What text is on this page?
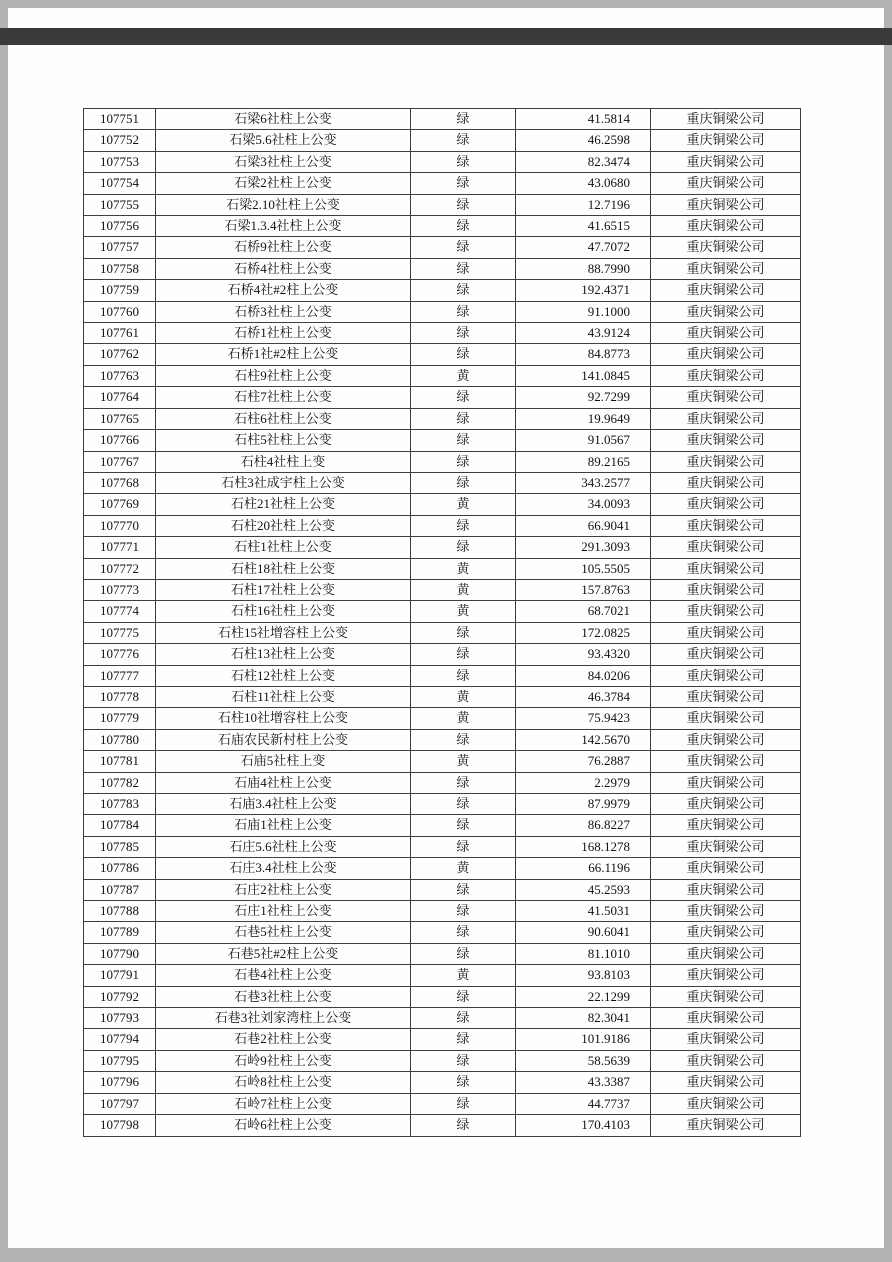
107751	石梁6社柱上公变	绿	41.5814	重庆铜梁公司
107752	石梁5.6社柱上公变	绿	46.2598	重庆铜梁公司
107753	石梁3社柱上公变	绿	82.3474	重庆铜梁公司
107754	石梁2社柱上公变	绿	43.0680	重庆铜梁公司
107755	石梁2.10社柱上公变	绿	12.7196	重庆铜梁公司
107756	石梁1.3.4社柱上公变	绿	41.6515	重庆铜梁公司
107757	石桥9社柱上公变	绿	47.7072	重庆铜梁公司
107758	石桥4社柱上公变	绿	88.7990	重庆铜梁公司
107759	石桥4社#2柱上公变	绿	192.4371	重庆铜梁公司
107760	石桥3社柱上公变	绿	91.1000	重庆铜梁公司
107761	石桥1社柱上公变	绿	43.9124	重庆铜梁公司
107762	石桥1社#2柱上公变	绿	84.8773	重庆铜梁公司
107763	石柱9社柱上公变	黄	141.0845	重庆铜梁公司
107764	石柱7社柱上公变	绿	92.7299	重庆铜梁公司
107765	石柱6社柱上公变	绿	19.9649	重庆铜梁公司
107766	石柱5社柱上公变	绿	91.0567	重庆铜梁公司
107767	石柱4社柱上变	绿	89.2165	重庆铜梁公司
107768	石柱3社成宇柱上公变	绿	343.2577	重庆铜梁公司
107769	石柱21社柱上公变	黄	34.0093	重庆铜梁公司
107770	石柱20社柱上公变	绿	66.9041	重庆铜梁公司
107771	石柱1社柱上公变	绿	291.3093	重庆铜梁公司
107772	石柱18社柱上公变	黄	105.5505	重庆铜梁公司
107773	石柱17社柱上公变	黄	157.8763	重庆铜梁公司
107774	石柱16社柱上公变	黄	68.7021	重庆铜梁公司
107775	石柱15社增容柱上公变	绿	172.0825	重庆铜梁公司
107776	石柱13社柱上公变	绿	93.4320	重庆铜梁公司
107777	石柱12社柱上公变	绿	84.0206	重庆铜梁公司
107778	石柱11社柱上公变	黄	46.3784	重庆铜梁公司
107779	石柱10社增容柱上公变	黄	75.9423	重庆铜梁公司
107780	石庙农民新村柱上公变	绿	142.5670	重庆铜梁公司
107781	石庙5社柱上变	黄	76.2887	重庆铜梁公司
107782	石庙4社柱上公变	绿	2.2979	重庆铜梁公司
107783	石庙3.4社柱上公变	绿	87.9979	重庆铜梁公司
107784	石庙1社柱上公变	绿	86.8227	重庆铜梁公司
107785	石庄5.6社柱上公变	绿	168.1278	重庆铜梁公司
107786	石庄3.4社柱上公变	黄	66.1196	重庆铜梁公司
107787	石庄2社柱上公变	绿	45.2593	重庆铜梁公司
107788	石庄1社柱上公变	绿	41.5031	重庆铜梁公司
107789	石巷5社柱上公变	绿	90.6041	重庆铜梁公司
107790	石巷5社#2柱上公变	绿	81.1010	重庆铜梁公司
107791	石巷4社柱上公变	黄	93.8103	重庆铜梁公司
107792	石巷3社柱上公变	绿	22.1299	重庆铜梁公司
107793	石巷3社刘家湾柱上公变	绿	82.3041	重庆铜梁公司
107794	石巷2社柱上公变	绿	101.9186	重庆铜梁公司
107795	石岭9社柱上公变	绿	58.5639	重庆铜梁公司
107796	石岭8社柱上公变	绿	43.3387	重庆铜梁公司
107797	石岭7社柱上公变	绿	44.7737	重庆铜梁公司
107798	石岭6社柱上公变	绿	170.4103	重庆铜梁公司
